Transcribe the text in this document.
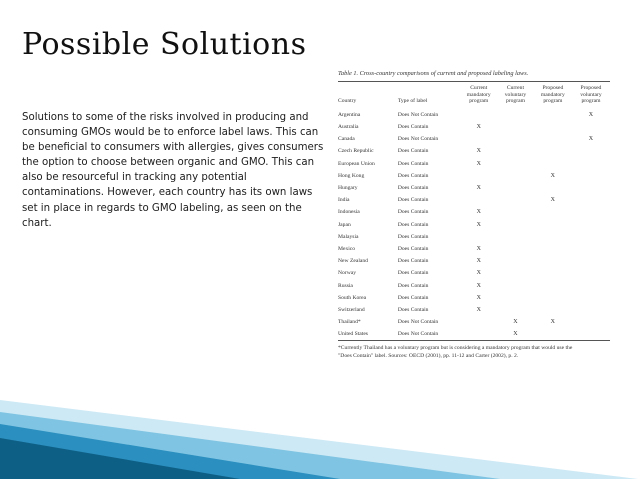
Possible Solutions
Solutions to some of the risks involved in producing and consuming GMOs would be to enforce label laws. This can be beneficial to consumers with allergies, gives consumers the option to choose between organic and GMO. This can also be resourceful in tracking any potential contaminations. However, each country has its own laws set in place in regards to GMO labeling, as seen on the chart.
Table 1. Cross-country comparisons of current and proposed labeling laws.
Country	Type of label	Current mandatory program	Current voluntary program	Proposed mandatory program	Proposed voluntary program
Argentina	Does Not Contain				X
Australia	Does Contain	X			
Canada	Does Not Contain				X
Czech Republic	Does Contain	X			
European Union	Does Contain	X			
Hong Kong	Does Contain			X	
Hungary	Does Contain	X			
India	Does Contain			X	
Indonesia	Does Contain	X			
Japan	Does Contain	X			
Malaysia	Does Contain				
Mexico	Does Contain	X			
New Zealand	Does Contain	X			
Norway	Does Contain	X			
Russia	Does Contain	X			
South Korea	Does Contain	X			
Switzerland	Does Contain	X			
Thailand*	Does Not Contain		X	X	
United States	Does Not Contain		X		
*Currently Thailand has a voluntary program but is considering a mandatory program that would use the
"Does Contain" label. Sources: OECD (2001), pp. 11-12 and Carter (2002), p. 2.
